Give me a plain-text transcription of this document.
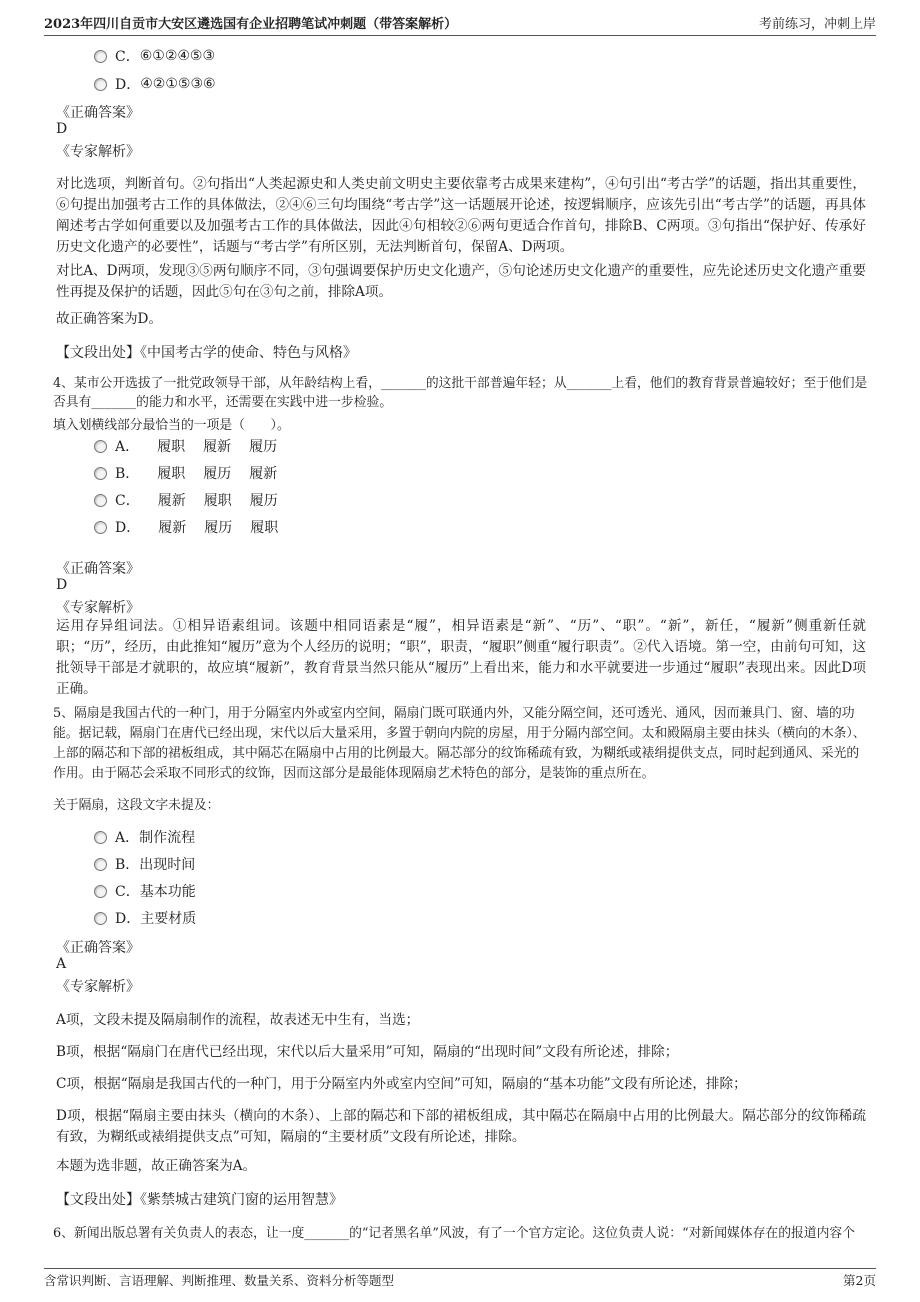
2023年四川自贡市大安区遴选国有企业招聘笔试冲刺题（带答案解析）	考前练习，冲刺上岸
C． ⑥①②④⑤③
D． ④②①⑤③⑥
《正确答案》
D
《专家解析》
对比选项，判断首句。②句指出“人类起源史和人类史前文明史主要依靠考古成果来建构”，④句引出“考古学”的话题，指出其重要性，⑥句提出加强考古工作的具体做法，②④⑥三句均围绕“考古学”这一话题展开论述，按逻辑顺序，应该先引出“考古学”的话题，再具体阐述考古学如何重要以及加强考古工作的具体做法，因此④句相较②⑥两句更适合作首句，排除B、C两项。③句指出“保护好、传承好历史文化遗产的必要性”，话题与“考古学”有所区别，无法判断首句，保留A、D两项。
对比A、D两项，发现③⑤两句顺序不同，③句强调要保护历史文化遗产，⑤句论述历史文化遗产的重要性，应先论述历史文化遗产重要性再提及保护的话题，因此⑤句在③句之前，排除A项。
故正确答案为D。
【文段出处】《中国考古学的使命、特色与风格》
4、某市公开选拔了一批党政领导干部，从年龄结构上看，_______的这批干部普遍年轻；从_______上看，他们的教育背景普遍较好；至于他们是否具有_______的能力和水平，还需要在实践中进一步检验。
填入划横线部分最恰当的一项是（　　）。
A． 履职 履新 履历
B． 履职 履历 履新
C． 履新 履职 履历
D． 履新 履历 履职
《正确答案》
D
《专家解析》
运用存异组词法。①相异语素组词。该题中相同语素是“履”，相异语素是“新”、“历”、“职”。“新”，新任，“履新”侧重新任就职；“历”，经历，由此推知“履历”意为个人经历的说明；“职”，职责，“履职”侧重“履行职责”。②代入语境。第一空，由前句可知，这批领导干部是才就职的，故应填“履新”，教育背景当然只能从“履历”上看出来，能力和水平就要进一步通过“履职”表现出来。因此D项正确。
5、隔扇是我国古代的一种门，用于分隔室内外或室内空间，隔扇门既可联通内外，又能分隔空间，还可透光、通风，因而兼具门、窗、墙的功能。据记载，隔扇门在唐代已经出现，宋代以后大量采用，多置于朝向内院的房屋，用于分隔内部空间。太和殿隔扇主要由抹头（横向的木条）、上部的隔芯和下部的裙板组成，其中隔芯在隔扇中占用的比例最大。隔芯部分的纹饰稀疏有致，为糊纸或裱绢提供支点，同时起到通风、采光的作用。由于隔芯会采取不同形式的纹饰，因而这部分是最能体现隔扇艺术特色的部分，是装饰的重点所在。
关于隔扇，这段文字未提及：
A． 制作流程
B． 出现时间
C． 基本功能
D． 主要材质
《正确答案》
A
《专家解析》
A项，文段未提及隔扇制作的流程，故表述无中生有，当选；
B项，根据“隔扇门在唐代已经出现，宋代以后大量采用”可知，隔扇的“出现时间”文段有所论述，排除；
C项，根据“隔扇是我国古代的一种门，用于分隔室内外或室内空间”可知，隔扇的“基本功能”文段有所论述，排除；
D项，根据“隔扇主要由抹头（横向的木条）、上部的隔芯和下部的裙板组成，其中隔芯在隔扇中占用的比例最大。隔芯部分的纹饰稀疏有致，为糊纸或裱绢提供支点”可知，隔扇的“主要材质”文段有所论述，排除。
本题为选非题，故正确答案为A。
【文段出处】《紫禁城古建筑门窗的运用智慧》
6、新闻出版总署有关负责人的表态，让一度_______的“记者黑名单”风波，有了一个官方定论。这位负责人说：“对新闻媒体存在的报道内容个
含常识判断、言语理解、判断推理、数量关系、资料分析等题型	第2页
